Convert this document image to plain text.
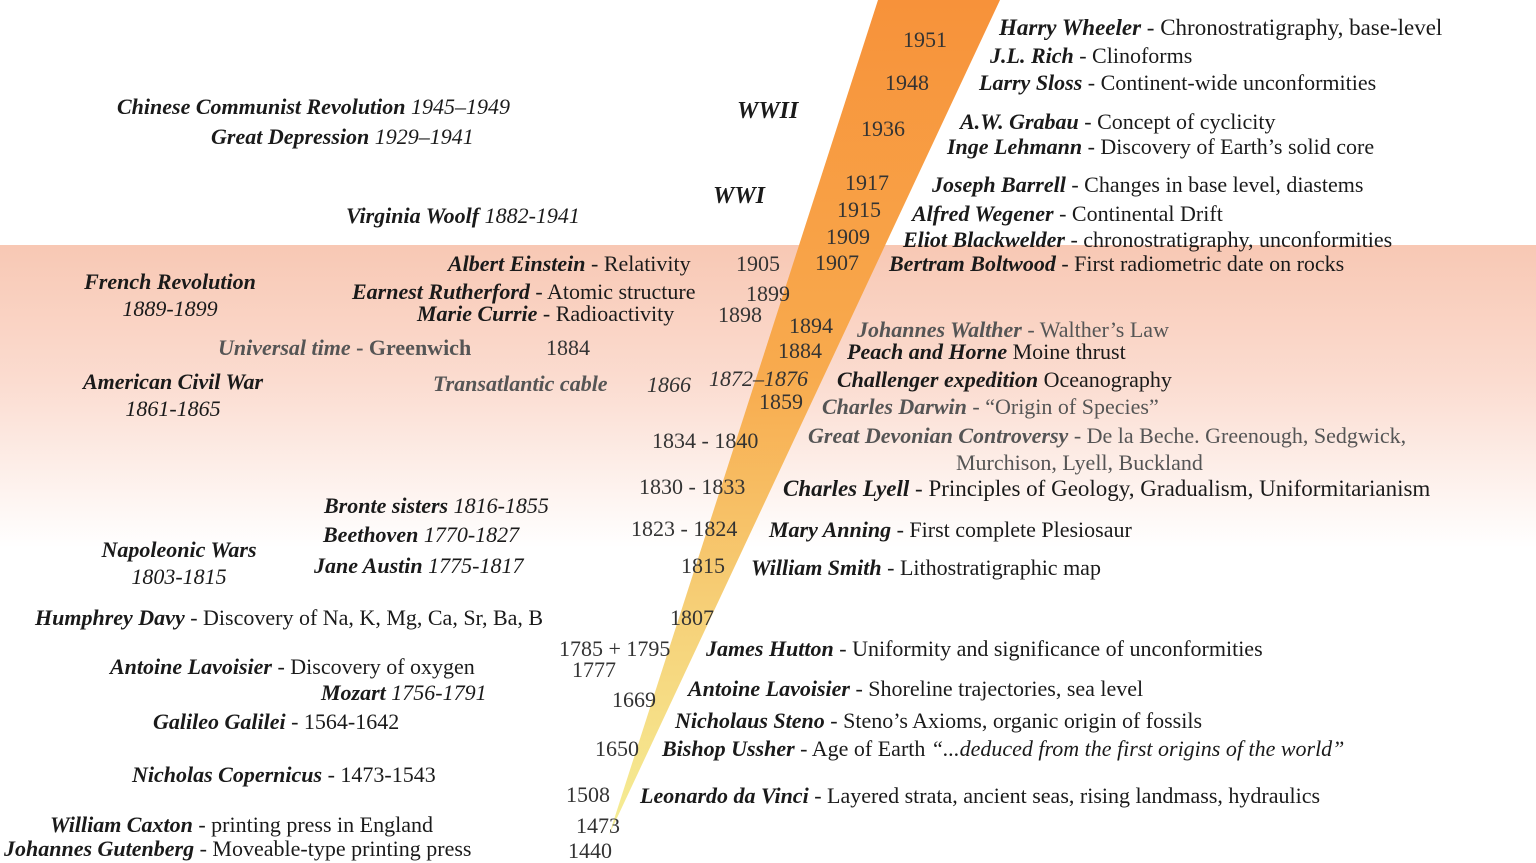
WWII
WWI
1951
1948
1936
1917
1915
1909
1907
1905
1899
1898 1894
1884
1884
1866 1872–1876
1859
1834 - 1840
1830 - 1833
1823 - 1824
1815
1807
1785 + 1795
1777
1669
1650
1508
1473
1440
Harry Wheeler - Chronostratigraphy, base-level
J.L. Rich - Clinoforms
Larry Sloss - Continent-wide unconformities
A.W. Grabau - Concept of cyclicity
Inge Lehmann - Discovery of Earth’s solid core
Joseph Barrell - Changes in base level, diastems
Alfred Wegener - Continental Drift
Eliot Blackwelder - chronostratigraphy, unconformities
Bertram Boltwood - First radiometric date on rocks
Johannes Walther - Walther’s Law
Peach and Horne Moine thrust
Challenger expedition Oceanography
Charles Darwin - “Origin of Species”
Great Devonian Controversy - De la Beche. Greenough, Sedgwick,
Murchison, Lyell, Buckland
Charles Lyell - Principles of Geology, Gradualism, Uniformitarianism
Mary Anning - First complete Plesiosaur
William Smith - Lithostratigraphic map
James Hutton - Uniformity and significance of unconformities
Antoine Lavoisier - Shoreline trajectories, sea level
Nicholaus Steno - Steno’s Axioms, organic origin of fossils
Bishop Ussher - Age of Earth “...deduced from the first origins of the world”
Leonardo da Vinci - Layered strata, ancient seas, rising landmass, hydraulics
Chinese Communist Revolution 1945–1949
Great Depression 1929–1941
Virginia Woolf 1882-1941
Albert Einstein - Relativity
French Revolution
1889-1899
Earnest Rutherford - Atomic structure
Marie Currie - Radioactivity
Universal time - Greenwich
American Civil War
1861-1865
Transatlantic cable
Bronte sisters 1816-1855
Beethoven 1770-1827
Napoleonic Wars
1803-1815	Jane Austin 1775-1817
Humphrey Davy - Discovery of Na, K, Mg, Ca, Sr, Ba, B
Antoine Lavoisier - Discovery of oxygen
Mozart 1756-1791
Galileo Galilei - 1564-1642
Nicholas Copernicus - 1473-1543
William Caxton - printing press in England
Johannes Gutenberg - Moveable-type printing press
